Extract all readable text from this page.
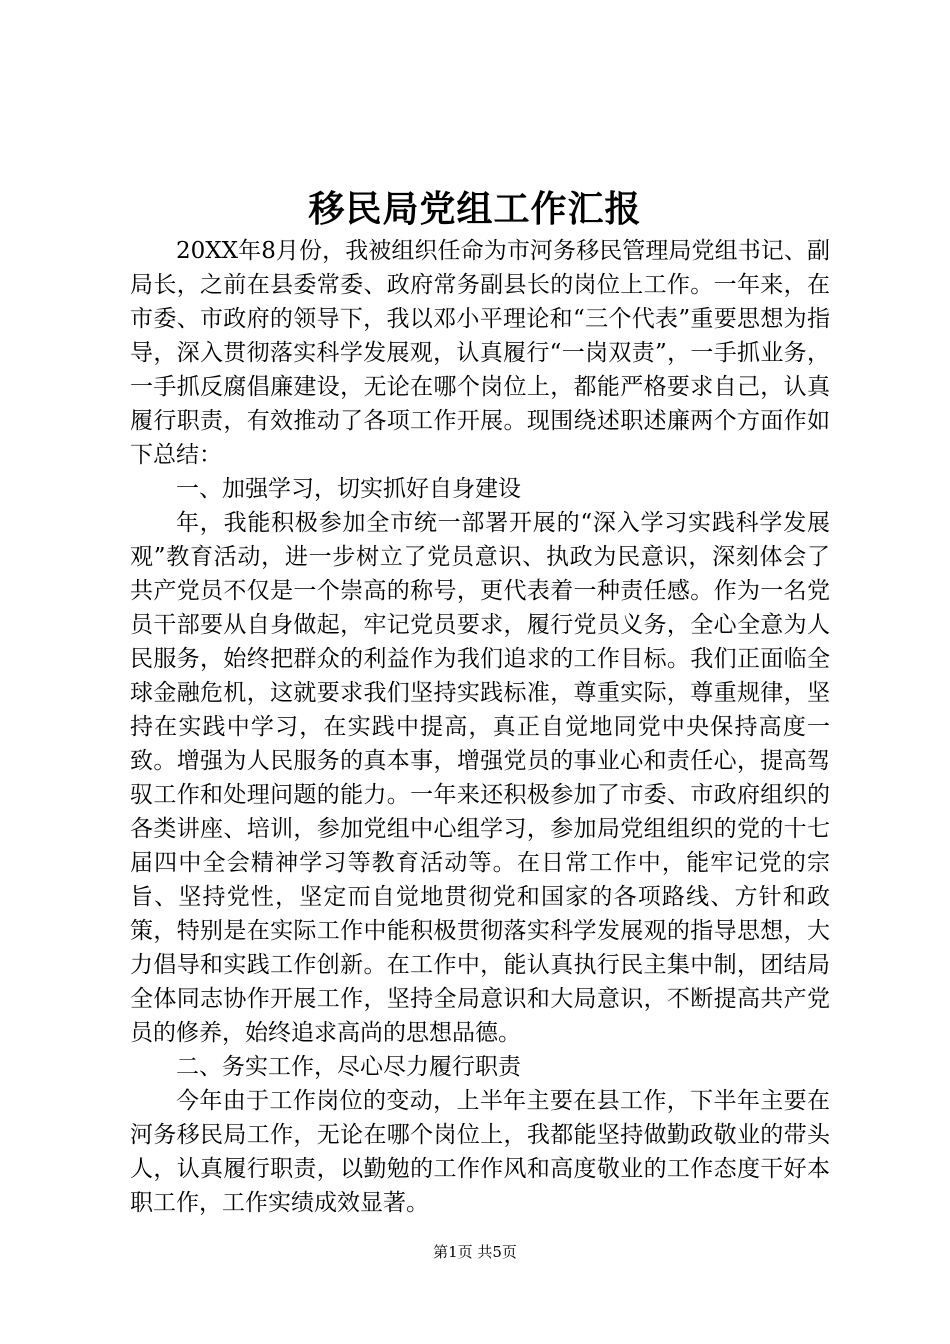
移民局党组工作汇报

20XX年8月份，我被组织任命为市河务移民管理局党组书记、副局长，之前在县委常委、政府常务副县长的岗位上工作。一年来，在市委、市政府的领导下，我以邓小平理论和“三个代表”重要思想为指导，深入贯彻落实科学发展观，认真履行“一岗双责”，一手抓业务，一手抓反腐倡廉建设，无论在哪个岗位上，都能严格要求自己，认真履行职责，有效推动了各项工作开展。现围绕述职述廉两个方面作如下总结：

一、加强学习，切实抓好自身建设

年，我能积极参加全市统一部署开展的“深入学习实践科学发展观”教育活动，进一步树立了党员意识、执政为民意识，深刻体会了共产党员不仅是一个崇高的称号，更代表着一种责任感。作为一名党员干部要从自身做起，牢记党员要求，履行党员义务，全心全意为人民服务，始终把群众的利益作为我们追求的工作目标。我们正面临全球金融危机，这就要求我们坚持实践标准，尊重实际，尊重规律，坚持在实践中学习，在实践中提高，真正自觉地同党中央保持高度一致。增强为人民服务的真本事，增强党员的事业心和责任心，提高驾驭工作和处理问题的能力。一年来还积极参加了市委、市政府组织的各类讲座、培训，参加党组中心组学习，参加局党组组织的党的十七届四中全会精神学习等教育活动等。在日常工作中，能牢记党的宗旨、坚持党性，坚定而自觉地贯彻党和国家的各项路线、方针和政策，特别是在实际工作中能积极贯彻落实科学发展观的指导思想，大力倡导和实践工作创新。在工作中，能认真执行民主集中制，团结局全体同志协作开展工作，坚持全局意识和大局意识，不断提高共产党员的修养，始终追求高尚的思想品德。

二、务实工作，尽心尽力履行职责

今年由于工作岗位的变动，上半年主要在县工作，下半年主要在河务移民局工作，无论在哪个岗位上，我都能坚持做勤政敬业的带头人，认真履行职责，以勤勉的工作作风和高度敬业的工作态度干好本职工作，工作实绩成效显著。

第1页 共5页
